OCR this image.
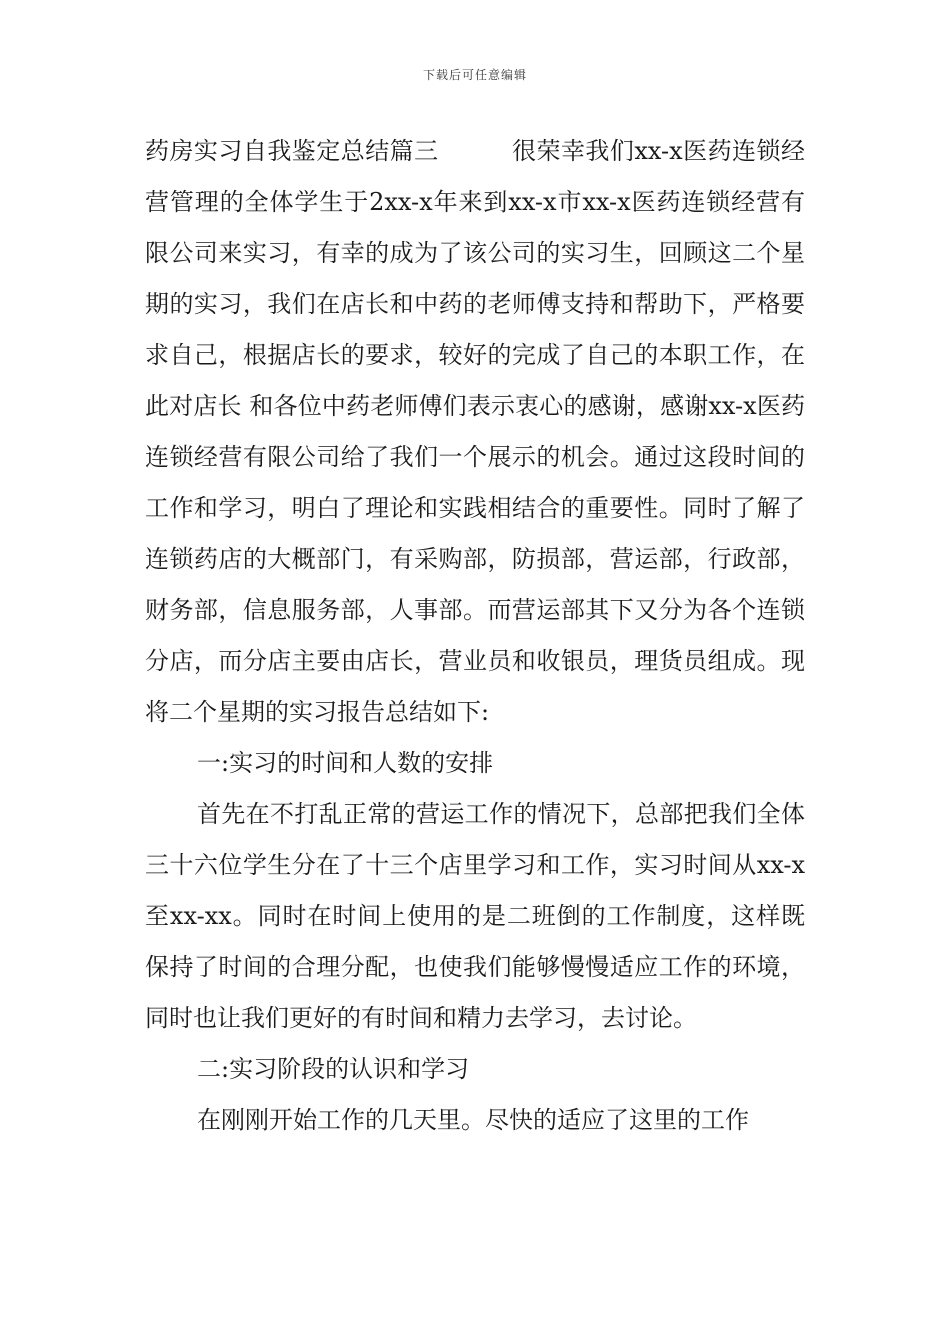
下载后可任意编辑

药房实习自我鉴定总结篇三　　　很荣幸我们xx-x医药连锁经营管理的全体学生于2xx-x年来到xx-x市xx-x医药连锁经营有限公司来实习，有幸的成为了该公司的实习生，回顾这二个星期的实习，我们在店长和中药的老师傅支持和帮助下，严格要求自己，根据店长的要求，较好的完成了自己的本职工作，在此对店长 和各位中药老师傅们表示衷心的感谢，感谢xx-x医药连锁经营有限公司给了我们一个展示的机会。通过这段时间的工作和学习，明白了理论和实践相结合的重要性。同时了解了连锁药店的大概部门，有采购部，防损部，营运部，行政部，财务部，信息服务部，人事部。而营运部其下又分为各个连锁分店，而分店主要由店长，营业员和收银员，理货员组成。现将二个星期的实习报告总结如下:

一:实习的时间和人数的安排

首先在不打乱正常的营运工作的情况下，总部把我们全体三十六位学生分在了十三个店里学习和工作，实习时间从xx-x至xx-xx。同时在时间上使用的是二班倒的工作制度，这样既保持了时间的合理分配，也使我们能够慢慢适应工作的环境，同时也让我们更好的有时间和精力去学习，去讨论。

二:实习阶段的认识和学习

在刚刚开始工作的几天里。尽快的适应了这里的工作
